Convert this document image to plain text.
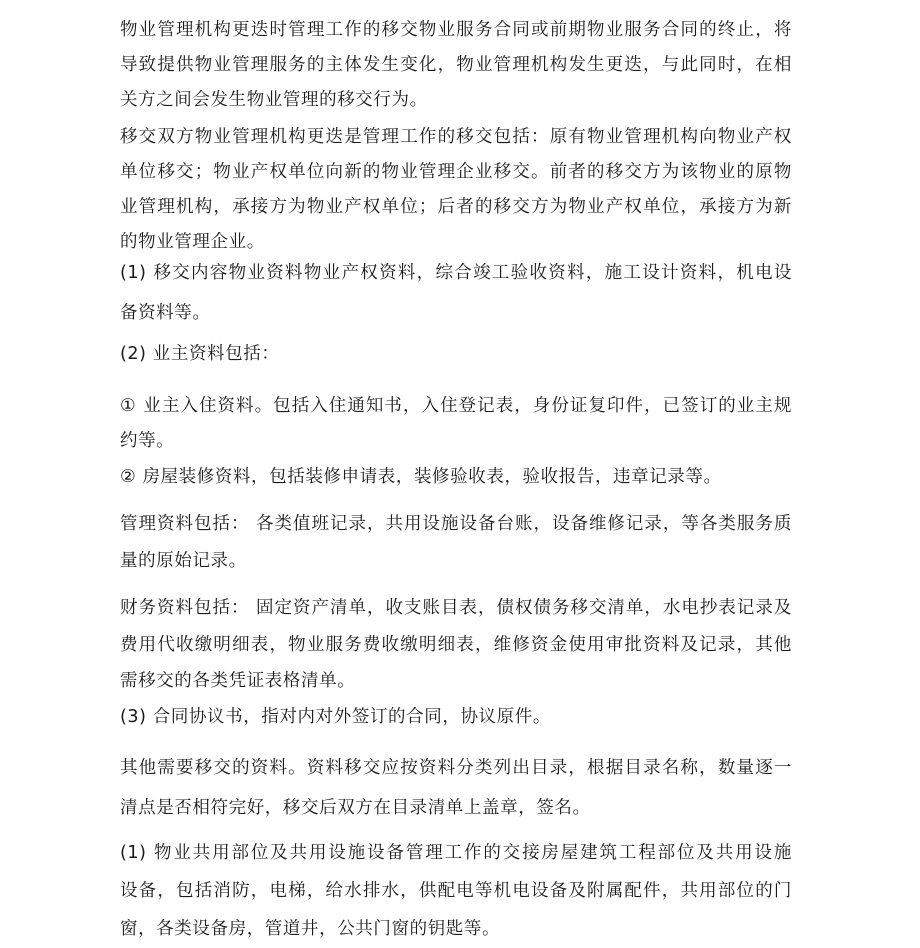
物业管理机构更迭时管理工作的移交物业服务合同或前期物业服务合同的终止，将
导致提供物业管理服务的主体发生变化，物业管理机构发生更迭，与此同时，在相
关方之间会发生物业管理的移交行为。
移交双方物业管理机构更迭是管理工作的移交包括：原有物业管理机构向物业产权
单位移交；物业产权单位向新的物业管理企业移交。前者的移交方为该物业的原物
业管理机构，承接方为物业产权单位；后者的移交方为物业产权单位，承接方为新
的物业管理企业。
(1) 移交内容物业资料物业产权资料，综合竣工验收资料，施工设计资料，机电设
备资料等。
(2) 业主资料包括：
① 业主入住资料。包括入住通知书，入住登记表，身份证复印件，已签订的业主规
约等。
② 房屋装修资料，包括装修申请表，装修验收表，验收报告，违章记录等。
管理资料包括： 各类值班记录，共用设施设备台账，设备维修记录，等各类服务质
量的原始记录。
财务资料包括： 固定资产清单，收支账目表，债权债务移交清单，水电抄表记录及
费用代收缴明细表，物业服务费收缴明细表，维修资金使用审批资料及记录，其他
需移交的各类凭证表格清单。
(3) 合同协议书，指对内对外签订的合同，协议原件。
其他需要移交的资料。资料移交应按资料分类列出目录，根据目录名称，数量逐一
清点是否相符完好，移交后双方在目录清单上盖章，签名。
(1) 物业共用部位及共用设施设备管理工作的交接房屋建筑工程部位及共用设施
设备，包括消防，电梯，给水排水，供配电等机电设备及附属配件，共用部位的门
窗，各类设备房，管道井，公共门窗的钥匙等。
